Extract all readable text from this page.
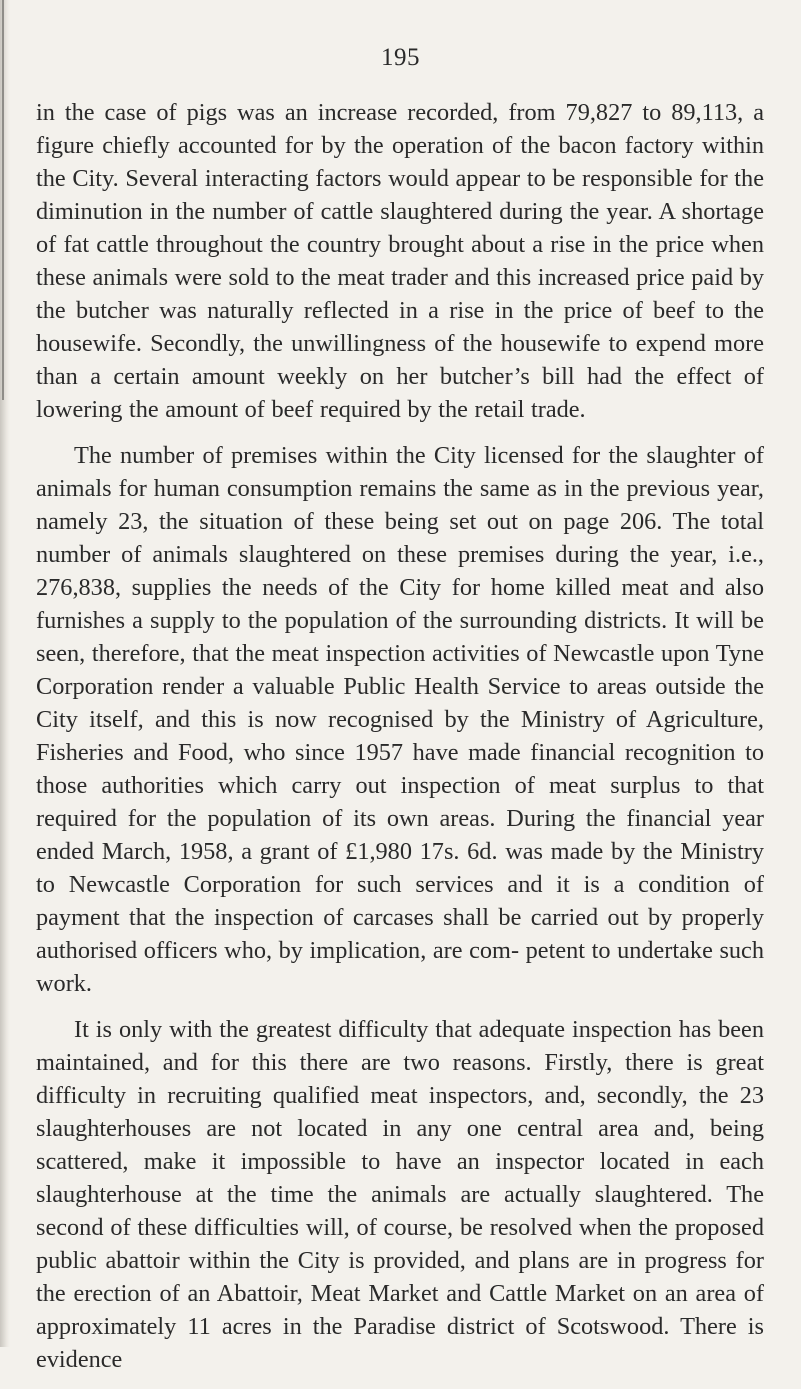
195

in the case of pigs was an increase recorded, from 79,827 to 89,113, a figure chiefly accounted for by the operation of the bacon factory within the City. Several interacting factors would appear to be responsible for the diminution in the number of cattle slaughtered during the year. A shortage of fat cattle throughout the country brought about a rise in the price when these animals were sold to the meat trader and this increased price paid by the butcher was naturally reflected in a rise in the price of beef to the housewife. Secondly, the unwillingness of the housewife to expend more than a certain amount weekly on her butcher’s bill had the effect of lowering the amount of beef required by the retail trade.

The number of premises within the City licensed for the slaughter of animals for human consumption remains the same as in the previous year, namely 23, the situation of these being set out on page 206. The total number of animals slaughtered on these premises during the year, i.e., 276,838, supplies the needs of the City for home killed meat and also furnishes a supply to the population of the surrounding districts. It will be seen, therefore, that the meat inspection activities of Newcastle upon Tyne Corporation render a valuable Public Health Service to areas outside the City itself, and this is now recognised by the Ministry of Agriculture, Fisheries and Food, who since 1957 have made financial recognition to those authorities which carry out inspection of meat surplus to that required for the population of its own areas. During the financial year ended March, 1958, a grant of £1,980 17s. 6d. was made by the Ministry to Newcastle Corporation for such services and it is a condition of payment that the inspection of carcases shall be carried out by properly authorised officers who, by implication, are com- petent to undertake such work.

It is only with the greatest difficulty that adequate inspection has been maintained, and for this there are two reasons. Firstly, there is great difficulty in recruiting qualified meat inspectors, and, secondly, the 23 slaughterhouses are not located in any one central area and, being scattered, make it impossible to have an inspector located in each slaughterhouse at the time the animals are actually slaughtered. The second of these difficulties will, of course, be resolved when the proposed public abattoir within the City is provided, and plans are in progress for the erection of an Abattoir, Meat Market and Cattle Market on an area of approximately 11 acres in the Paradise district of Scotswood. There is evidence
